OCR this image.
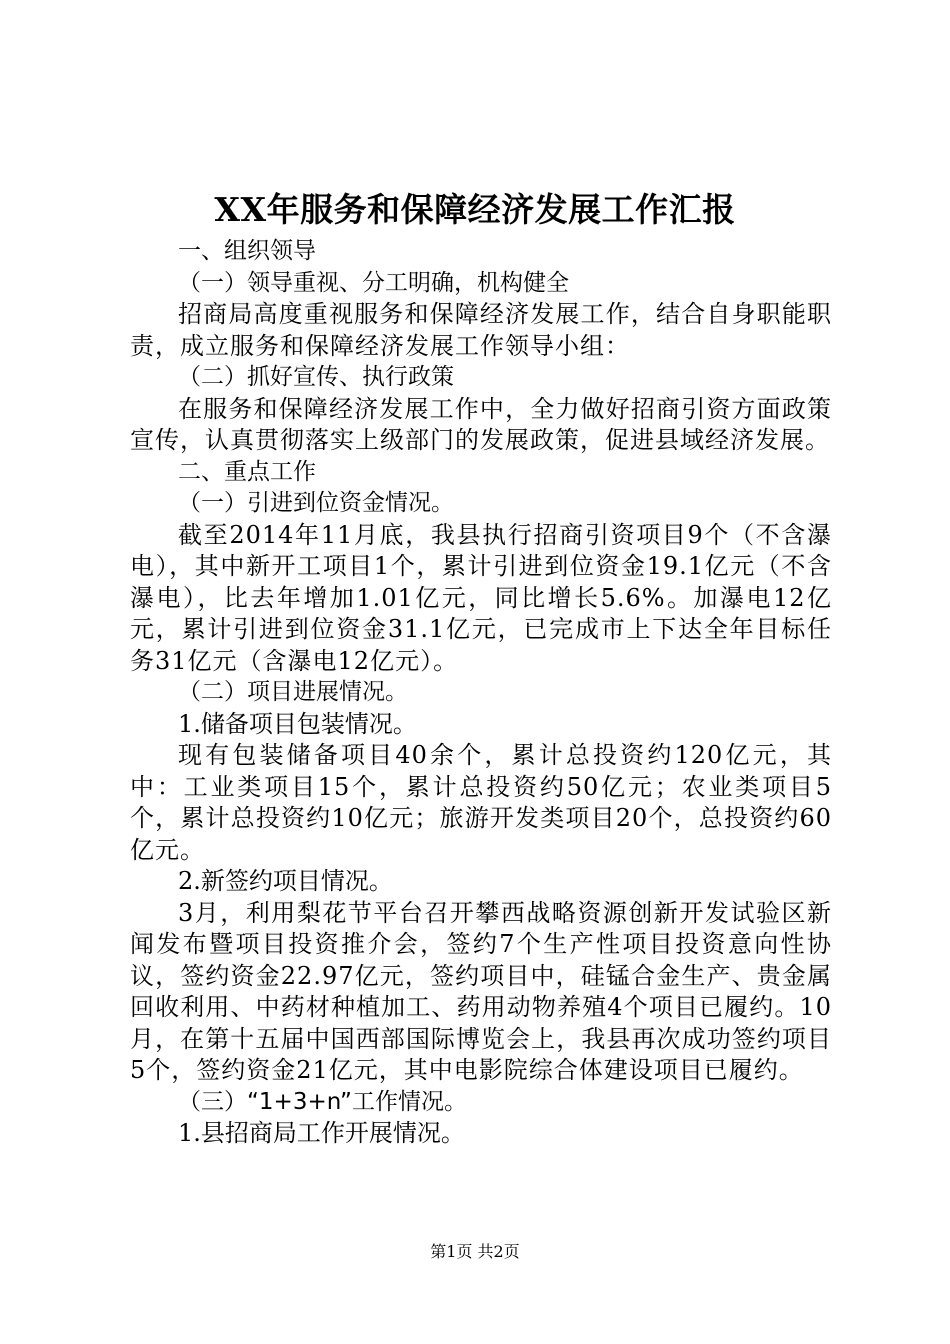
XX年服务和保障经济发展工作汇报

一、组织领导

（一）领导重视、分工明确，机构健全

招商局高度重视服务和保障经济发展工作，结合自身职能职责，成立服务和保障经济发展工作领导小组：

（二）抓好宣传、执行政策

在服务和保障经济发展工作中，全力做好招商引资方面政策宣传，认真贯彻落实上级部门的发展政策，促进县域经济发展。

二、重点工作

（一）引进到位资金情况。

截至2014年11月底，我县执行招商引资项目9个（不含瀑电），其中新开工项目1个，累计引进到位资金19.1亿元（不含瀑电），比去年增加1.01亿元，同比增长5.6%。加瀑电12亿元，累计引进到位资金31.1亿元，已完成市上下达全年目标任务31亿元（含瀑电12亿元）。

（二）项目进展情况。

1.储备项目包装情况。

现有包装储备项目40余个，累计总投资约120亿元，其中：工业类项目15个，累计总投资约50亿元；农业类项目5个，累计总投资约10亿元；旅游开发类项目20个，总投资约60亿元。

2.新签约项目情况。

3月，利用梨花节平台召开攀西战略资源创新开发试验区新闻发布暨项目投资推介会，签约7个生产性项目投资意向性协议，签约资金22.97亿元，签约项目中，硅锰合金生产、贵金属回收利用、中药材种植加工、药用动物养殖4个项目已履约。10月，在第十五届中国西部国际博览会上，我县再次成功签约项目5个，签约资金21亿元，其中电影院综合体建设项目已履约。

（三）“1+3+n”工作情况。

1.县招商局工作开展情况。

第1页 共2页
